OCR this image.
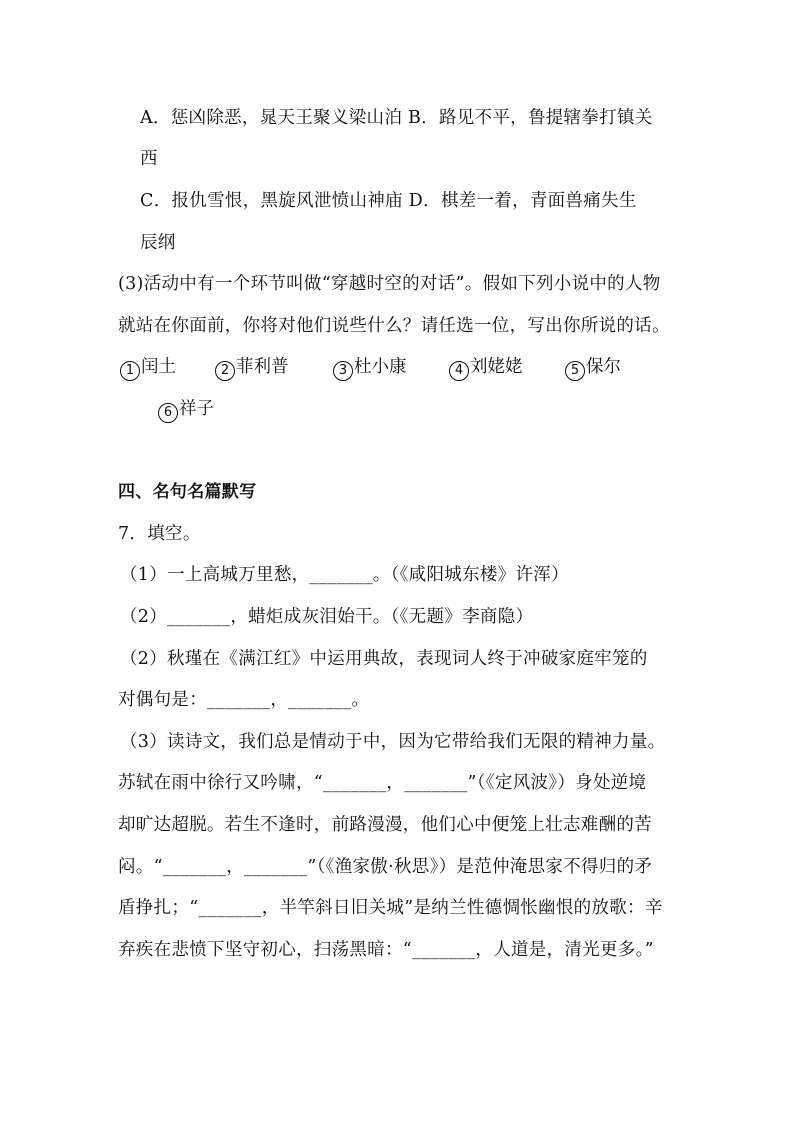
A．惩凶除恶，晁天王聚义梁山泊 B．路见不平，鲁提辖拳打镇关
西
C．报仇雪恨，黑旋风泄愤山神庙 D．棋差一着，青面兽痛失生
辰纲
(3)活动中有一个环节叫做“穿越时空的对话”。假如下列小说中的人物
就站在你面前，你将对他们说些什么？请任选一位，写出你所说的话。
1 闰土	2 菲利普	3 杜小康	4 刘姥姥	5 保尔
6 祥子
四、名句名篇默写
7．填空。
（1）一上高城万里愁，_______。（《咸阳城东楼》许浑）
（2）_______，蜡炬成灰泪始干。（《无题》李商隐）
（2）秋瑾在《满江红》中运用典故，表现词人终于冲破家庭牢笼的
对偶句是：_______，_______。
（3）读诗文，我们总是情动于中，因为它带给我们无限的精神力量。
苏轼在雨中徐行又吟啸，“_______，_______”（《定风波》）身处逆境
却旷达超脱。若生不逢时，前路漫漫，他们心中便笼上壮志难酬的苦
闷。“_______，_______”（《渔家傲·秋思》）是范仲淹思家不得归的矛
盾挣扎；“_______，半竿斜日旧关城”是纳兰性德惆怅幽恨的放歌：辛
弃疾在悲愤下坚守初心，扫荡黑暗：“_______，人道是，清光更多。”
